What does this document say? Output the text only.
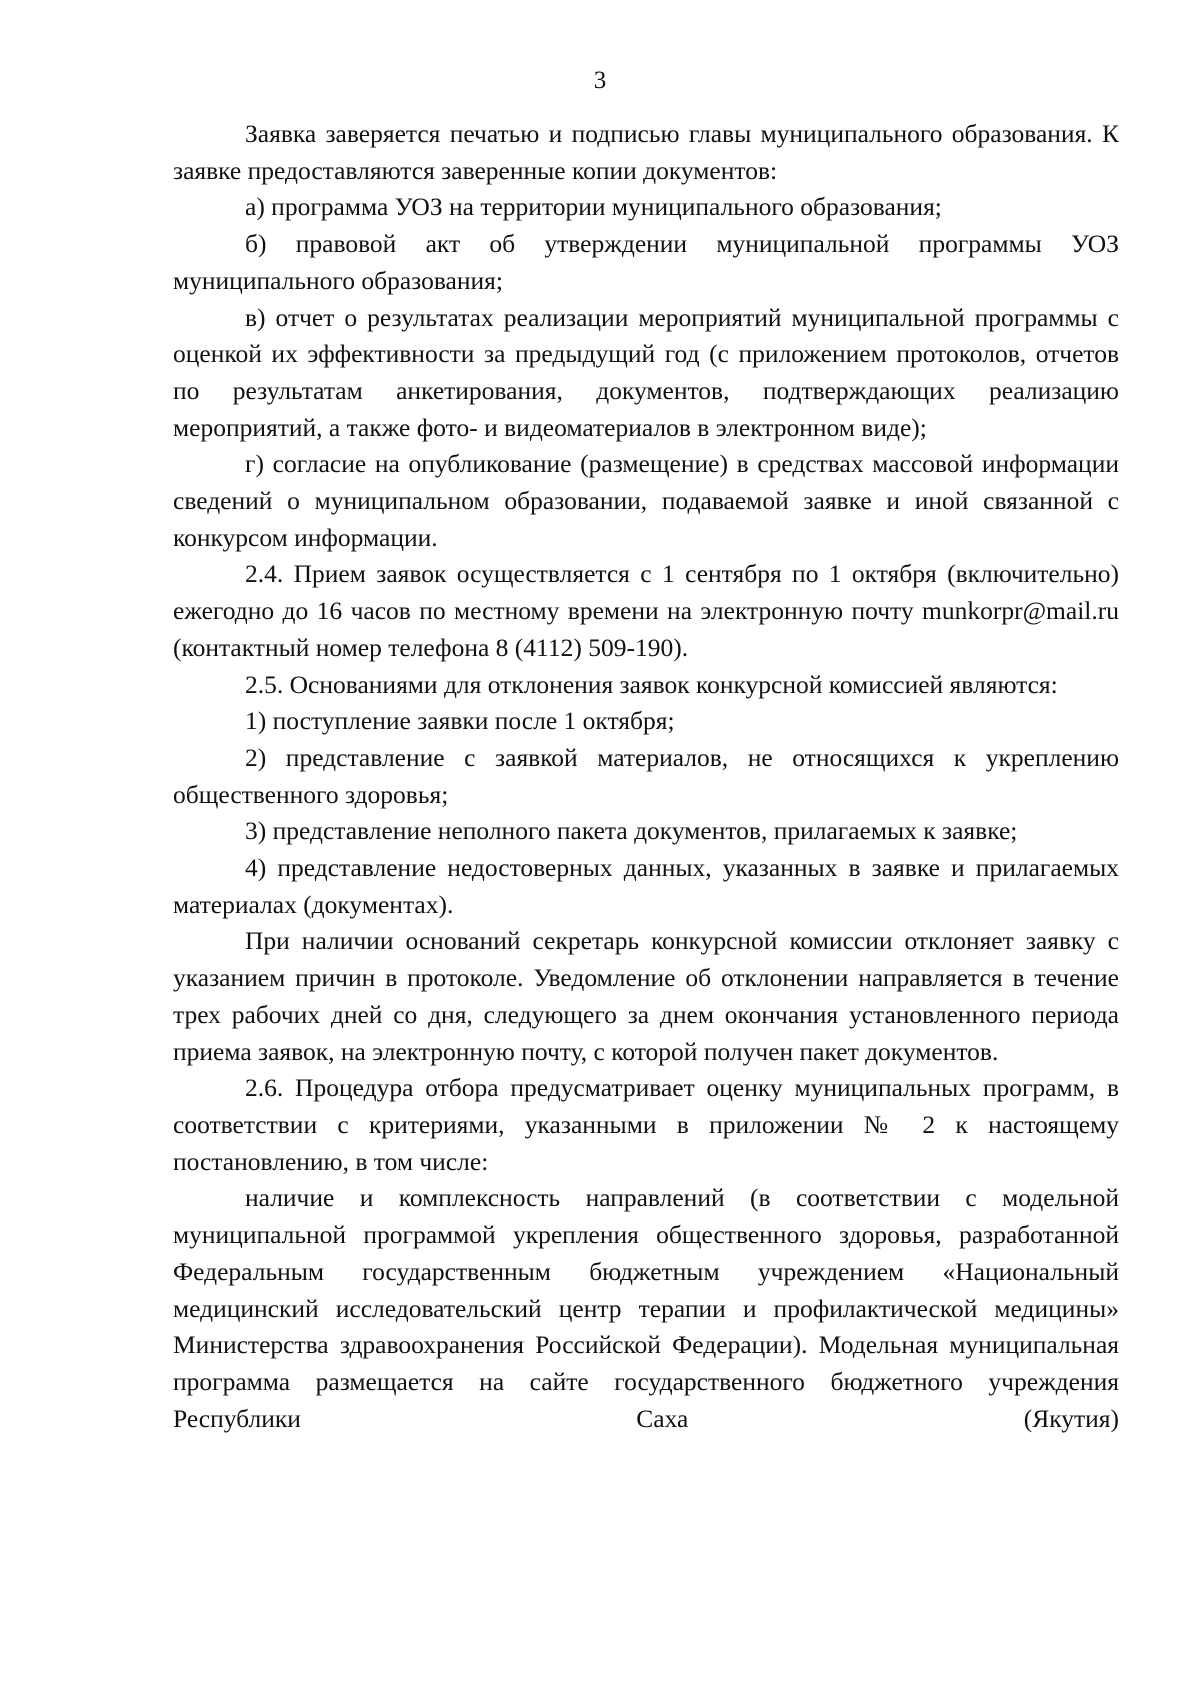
3

Заявка заверяется печатью и подписью главы муниципального образования. К заявке предоставляются заверенные копии документов:

а) программа УОЗ на территории муниципального образования;

б) правовой акт об утверждении муниципальной программы УОЗ муниципального образования;

в) отчет о результатах реализации мероприятий муниципальной программы с оценкой их эффективности за предыдущий год (с приложением протоколов, отчетов по результатам анкетирования, документов, подтверждающих реализацию мероприятий, а также фото- и видеоматериалов в электронном виде);

г) согласие на опубликование (размещение) в средствах массовой информации сведений о муниципальном образовании, подаваемой заявке и иной связанной с конкурсом информации.

2.4. Прием заявок осуществляется с 1 сентября по 1 октября (включительно) ежегодно до 16 часов по местному времени на электронную почту munkorpr@mail.ru (контактный номер телефона 8 (4112) 509-190).

2.5. Основаниями для отклонения заявок конкурсной комиссией являются:

1) поступление заявки после 1 октября;

2) представление с заявкой материалов, не относящихся к укреплению общественного здоровья;

3) представление неполного пакета документов, прилагаемых к заявке;

4) представление недостоверных данных, указанных в заявке и прилагаемых материалах (документах).

При наличии оснований секретарь конкурсной комиссии отклоняет заявку с указанием причин в протоколе. Уведомление об отклонении направляется в течение трех рабочих дней со дня, следующего за днем окончания установленного периода приема заявок, на электронную почту, с которой получен пакет документов.

2.6. Процедура отбора предусматривает оценку муниципальных программ, в соответствии с критериями, указанными в приложении № 2 к настоящему постановлению, в том числе:

наличие и комплексность направлений (в соответствии с модельной муниципальной программой укрепления общественного здоровья, разработанной Федеральным государственным бюджетным учреждением «Национальный медицинский исследовательский центр терапии и профилактической медицины» Министерства здравоохранения Российской Федерации). Модельная муниципальная программа размещается на сайте государственного бюджетного учреждения Республики Саха (Якутия)
